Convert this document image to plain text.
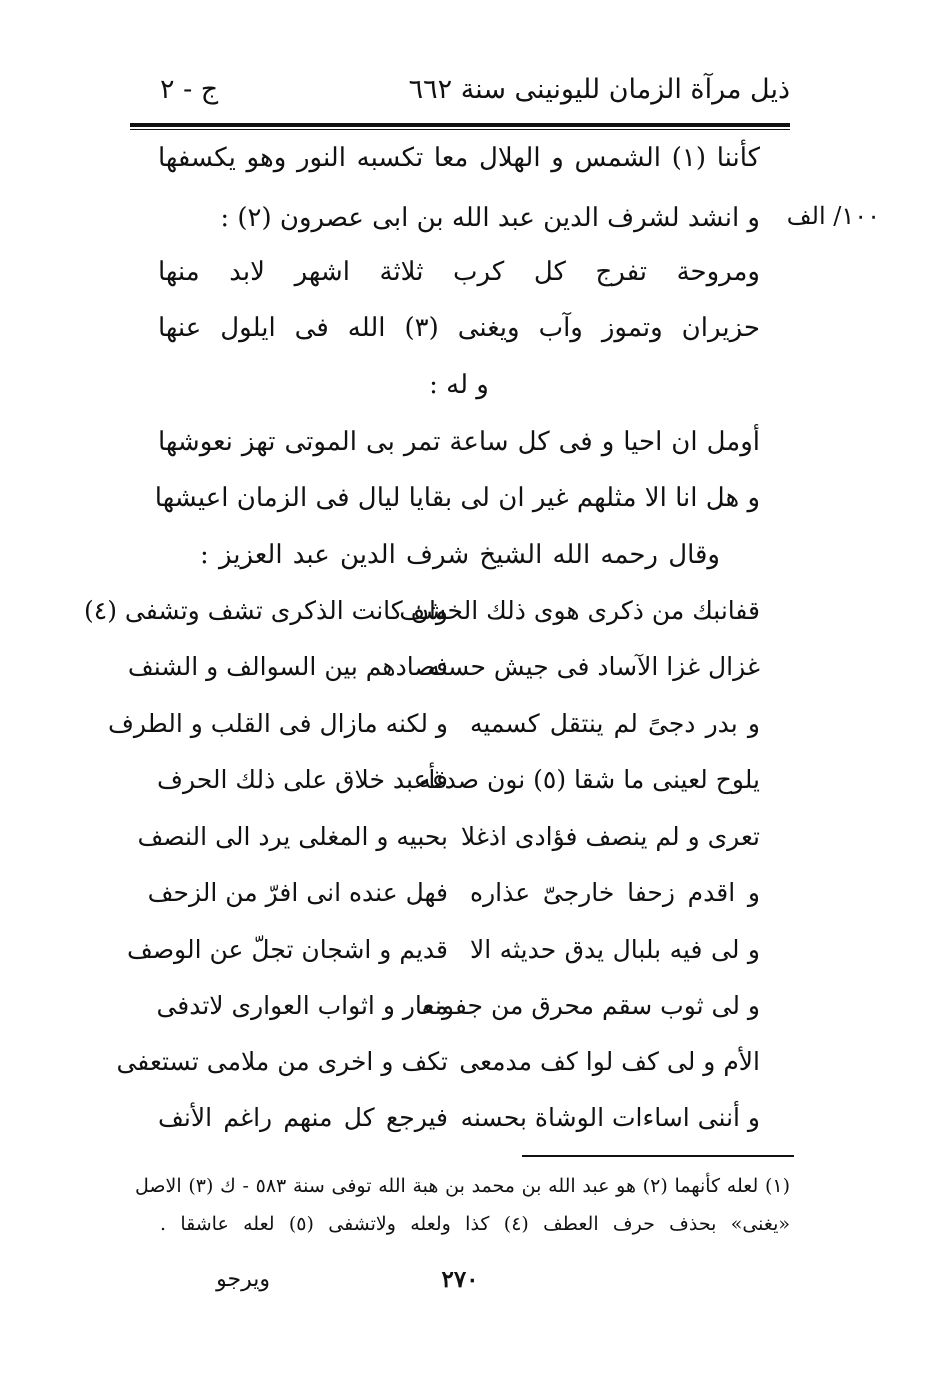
ذيل مرآة الزمان لليونينى سنة ٦٦٢
ج - ٢
١٠٠/ الف
كأننا (١) الشمس و الهلال معا تكسبه النور وهو يكسفها
و انشد لشرف الدين عبد الله بن ابى عصرون (٢) :
ومروحة تفرج كل كرب ثلاثة اشهر لابد منها
حزيران وتموز وآب ويغنى (٣) الله فى ايلول عنها
و له :
أومل ان احيا و فى كل ساعة تمر بى الموتى تهز نعوشها
و هل انا الا مثلهم غير ان لى بقايا ليال فى الزمان اعيشها
وقال رحمه الله الشيخ شرف الدين عبد العزيز :
قفانبك من ذكرى هوى ذلك الخشف
وان كانت الذكرى تشف وتشفى (٤)
غزال غزا الآساد فى جيش حسنه
فصادهم بين السوالف و الشنف
و بدر دجىً لم ينتقل كسميه
و لكنه مازال فى القلب و الطرف
يلوح لعينى ما شقا (٥) نون صدغه
فأعبد خلاق على ذلك الحرف
تعرى و لم ينصف فؤادى اذغلا
بحبيه و المغلى يرد الى النصف
و اقدم زحفا خارجىّ عذاره
فهل عنده انى افرّ من الزحف
و لى فيه بلبال يدق حديثه الا
قديم و اشجان تجلّ عن الوصف
و لى ثوب سقم محرق من جفونه
معار و اثواب العوارى لاتدفى
الأم و لى كف لوا كف مدمعى
تكف و اخرى من ملامى تستعفى
و أننى اساءات الوشاة بحسنه
فيرجع كل منهم راغم الأنف
(١) لعله كأنهما (٢) هو عبد الله بن محمد بن هبة الله توفى سنة ٥٨٣ - ك (٣) الاصل
«يغنى» بحذف حرف العطف (٤) كذا ولعله ولاتشفى (٥) لعله عاشقا .
٢٧٠
ويرجو
